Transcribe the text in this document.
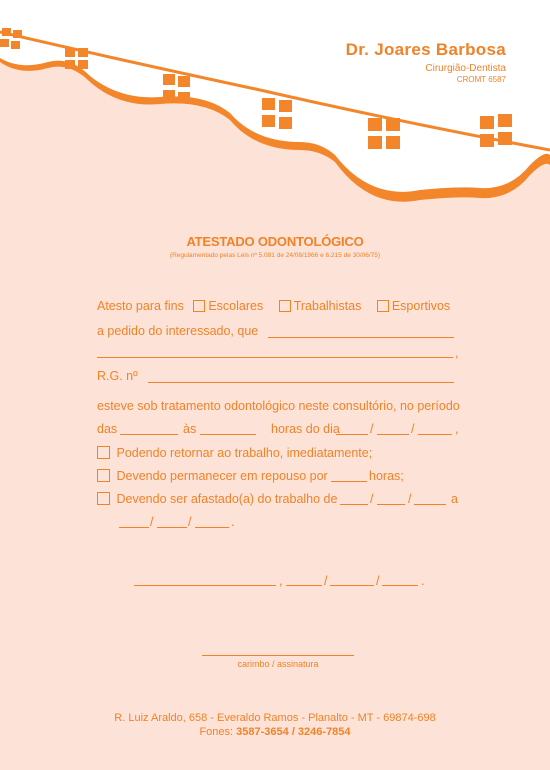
Dr. Joares Barbosa
Cirurgião-Dentista
CROMT 6587
ATESTADO ODONTOLÓGICO
(Regulamentado pelas Leis nº 5.081 de 24/08/1966 e 6.215 de 30/06/75)
Atesto para fins Escolares Trabalhistas Esportivos
a pedido do interessado, que
,
R.G. nº
esteve sob tratamento odontológico neste consultório, no período
das	às	horas do dia /	/	,
Podendo retornar ao trabalho, imediatamente;
Devendo permanecer em repouso por	horas;
Devendo ser afastado(a) do trabalho de	/	/	a
/	/	.
,	/	/	.
carimbo / assinatura
R. Luiz Araldo, 658 - Everaldo Ramos - Planalto - MT - 69874-698
Fones: 3587-3654 / 3246-7854
